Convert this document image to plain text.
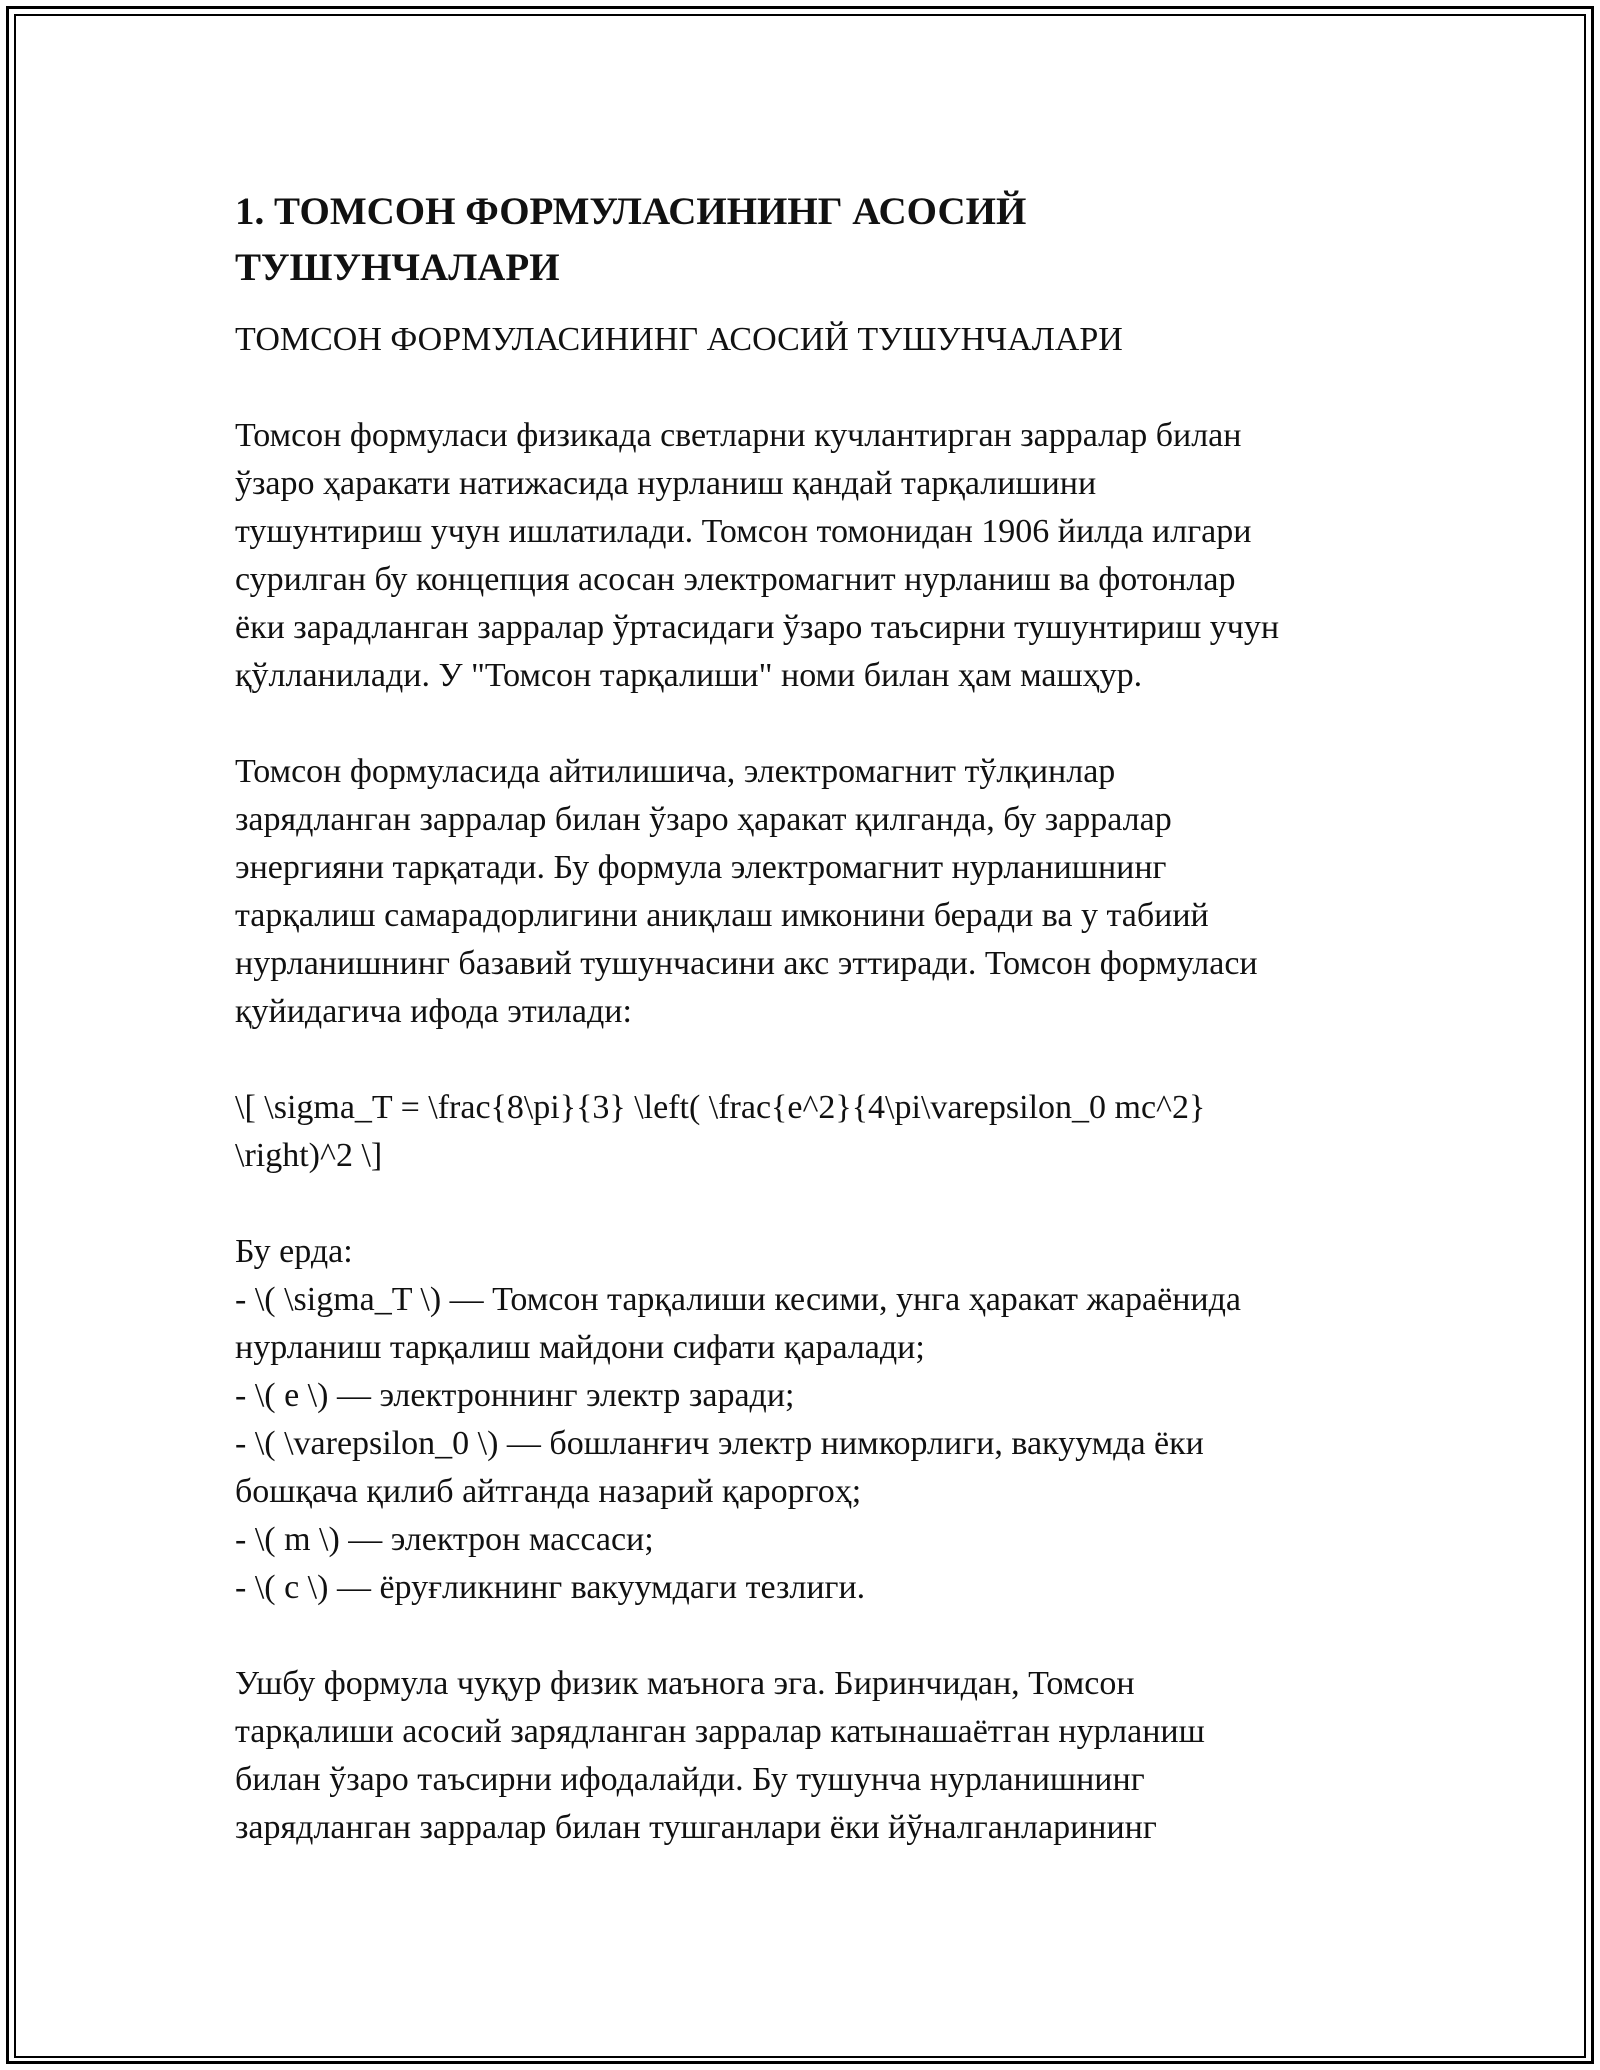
1. ТОМСОН ФОРМУЛАСИНИНГ АСОСИЙ
ТУШУНЧАЛАРИ
ТОМСОН ФОРМУЛАСИНИНГ АСОСИЙ ТУШУНЧАЛАРИ
Томсон формуласи физикада светларни кучлантирган зарралар билан
ўзаро ҳаракати натижасида нурланиш қандай тарқалишини
тушунтириш учун ишлатилади. Томсон томонидан 1906 йилда илгари
сурилган бу концепция асосан электромагнит нурланиш ва фотонлар
ёки зарадланган зарралар ўртасидаги ўзаро таъсирни тушунтириш учун
қўлланилади. У "Томсон тарқалиши" номи билан ҳам машҳур.
Томсон формуласида айтилишича, электромагнит тўлқинлар
зарядланган зарралар билан ўзаро ҳаракат қилганда, бу зарралар
энергияни тарқатади. Бу формула электромагнит нурланишнинг
тарқалиш самарадорлигини аниқлаш имконини беради ва у табиий
нурланишнинг базавий тушунчасини акс эттиради. Томсон формуласи
қуйидагича ифода этилади:
\[ \sigma_T = \frac{8\pi}{3} \left( \frac{e^2}{4\pi\varepsilon_0 mc^2}
\right)^2 \]
Бу ерда:
- \( \sigma_T \) — Томсон тарқалиши кесими, унга ҳаракат жараёнида
нурланиш тарқалиш майдони сифати қаралади;
- \( e \) — электроннинг электр заради;
- \( \varepsilon_0 \) — бошланғич электр нимкорлиги, вакуумда ёки
бошқача қилиб айтганда назарий қароргоҳ;
- \( m \) — электрон массаси;
- \( c \) — ёруғликнинг вакуумдаги тезлиги.
Ушбу формула чуқур физик маънога эга. Биринчидан, Томсон
тарқалиши асосий зарядланган зарралар катынашаётган нурланиш
билан ўзаро таъсирни ифодалайди. Бу тушунча нурланишнинг
зарядланган зарралар билан тушганлари ёки йўналганларининг
